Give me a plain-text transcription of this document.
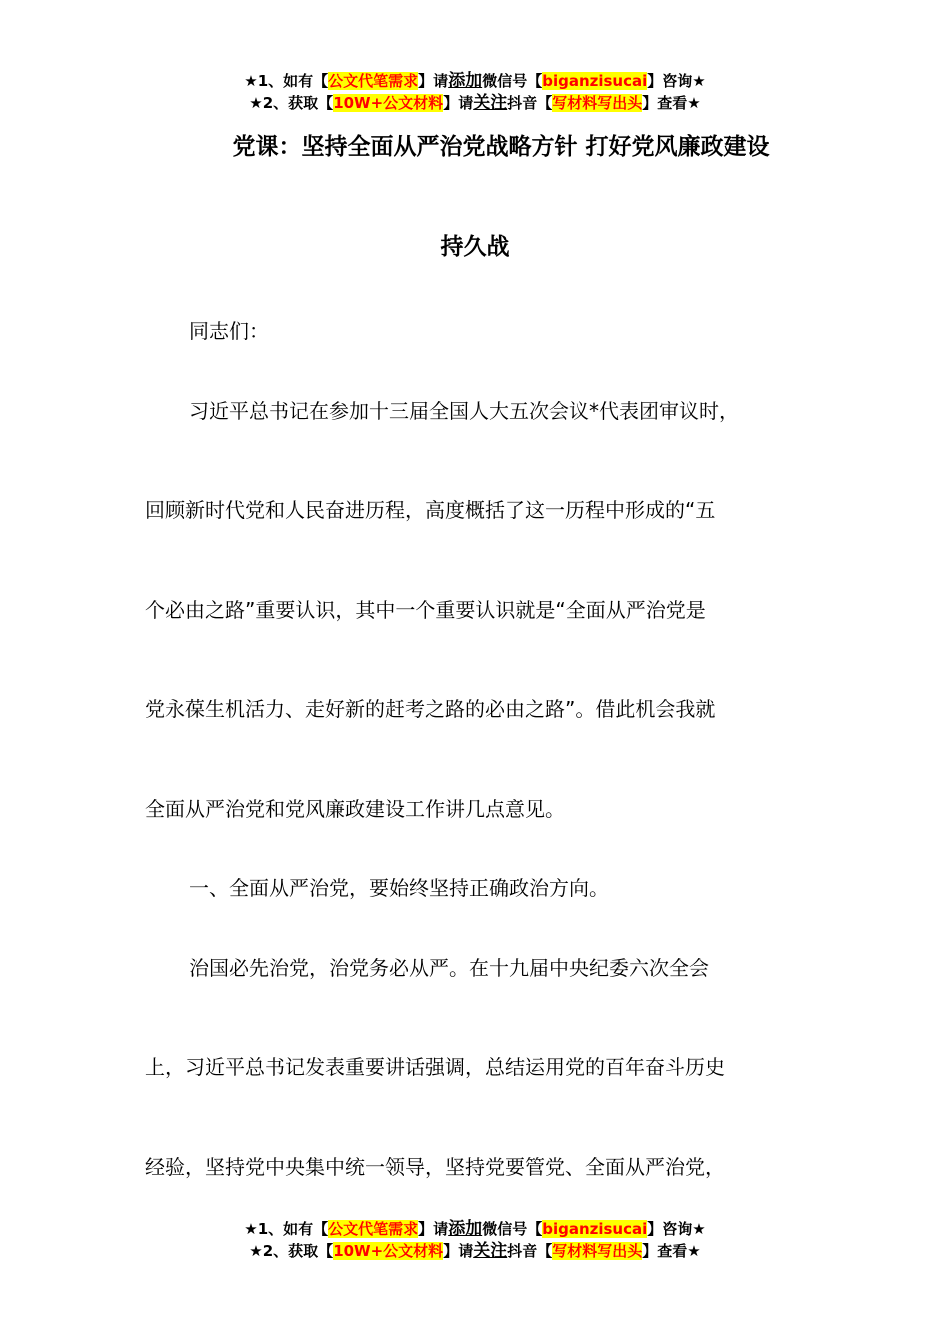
★1、如有【公文代笔需求】请添加微信号【biganzisucai】咨询★
★2、获取【10W+公文材料】请关注抖音【写材料写出头】查看★
党课：坚持全面从严治党战略方针 打好党风廉政建设
持久战

同志们：

习近平总书记在参加十三届全国人大五次会议*代表团审议时，

回顾新时代党和人民奋进历程，高度概括了这一历程中形成的“五

个必由之路”重要认识，其中一个重要认识就是“全面从严治党是

党永葆生机活力、走好新的赶考之路的必由之路”。借此机会我就

全面从严治党和党风廉政建设工作讲几点意见。

一、全面从严治党，要始终坚持正确政治方向。

治国必先治党，治党务必从严。在十九届中央纪委六次全会

上，习近平总书记发表重要讲话强调，总结运用党的百年奋斗历史

经验，坚持党中央集中统一领导，坚持党要管党、全面从严治党，

★1、如有【公文代笔需求】请添加微信号【biganzisucai】咨询★
★2、获取【10W+公文材料】请关注抖音【写材料写出头】查看★
